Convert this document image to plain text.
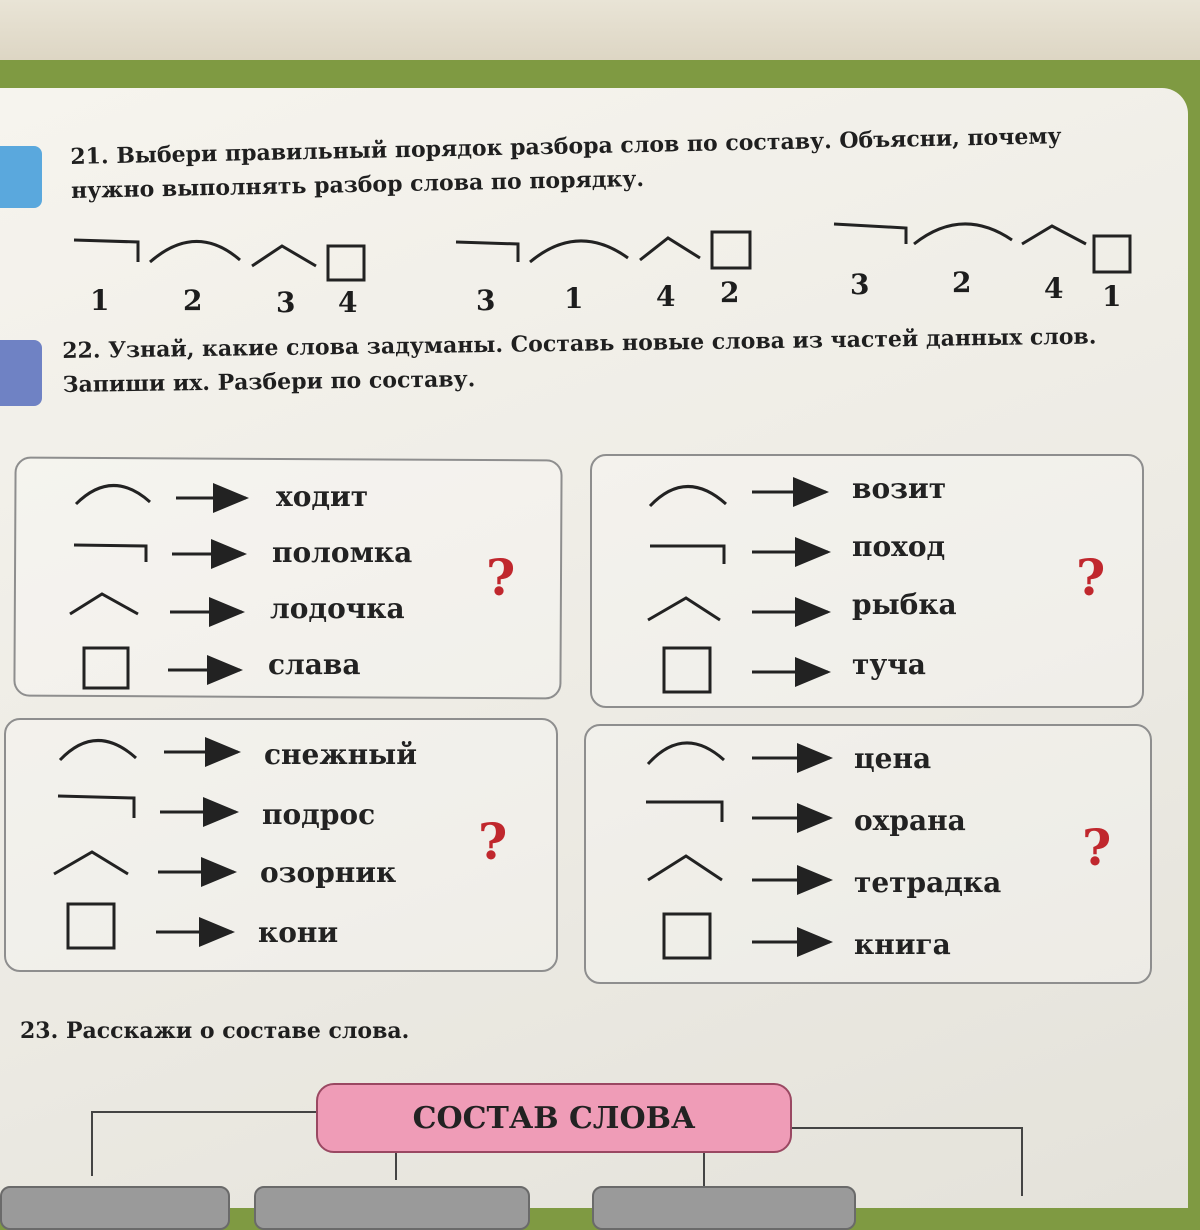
21. Выбери правильный порядок разбора слов по составу. Объясни, почему
нужно выполнять разбор слова по порядку.
1	2	3 4	3 1	4 2	3	2	4 1
22. Узнай, какие слова задуманы. Составь новые слова из частей данных слов.
Запиши их. Разбери по составу.
ходит
поломка
лодочка
слава
?
возит
поход
рыбка
туча
?
снежный
подрос
озорник
кони
?
цена
охрана
тетрадка
книга
?
23. Расскажи о составе слова.
СОСТАВ СЛОВА
